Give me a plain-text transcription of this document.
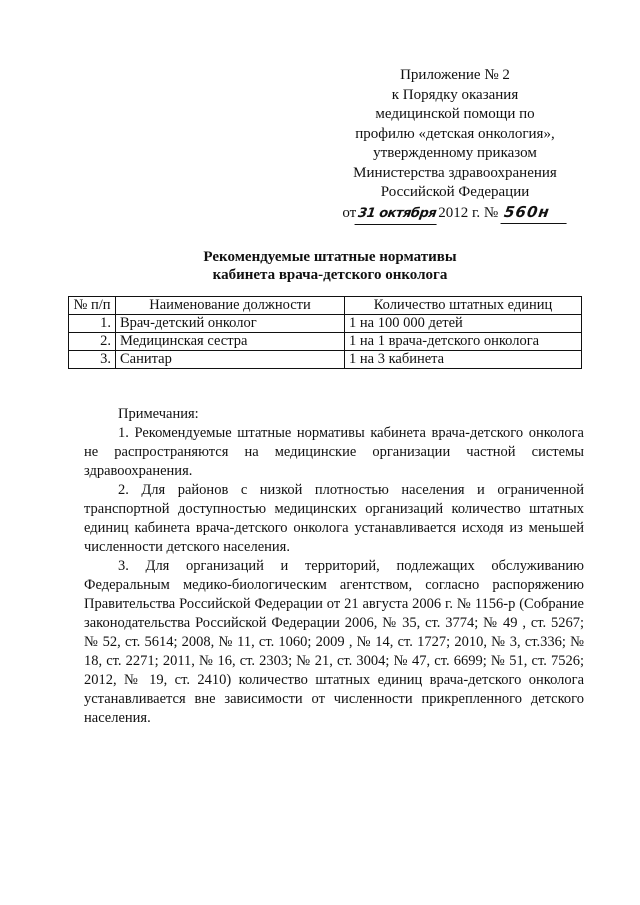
Приложение № 2
к Порядку оказания
медицинской помощи по
профилю «детская онкология»,
утвержденному приказом
Министерства здравоохранения
Российской Федерации
от31 октября2012 г. № 560н
Рекомендуемые штатные нормативы
кабинета врача-детского онколога
№ п/п	Наименование должности	Количество штатных единиц
1.	Врач-детский онколог	1 на 100 000 детей
2.	Медицинская сестра	1 на 1 врача-детского онколога
3.	Санитар	1 на 3 кабинета
Примечания:

1. Рекомендуемые штатные нормативы кабинета врача-детского онколога не распространяются на медицинские организации частной системы здравоохранения.

2. Для районов с низкой плотностью населения и ограниченной транспортной доступностью медицинских организаций количество штатных единиц кабинета врача-детского онколога устанавливается исходя из меньшей численности детского населения.

3. Для организаций и территорий, подлежащих обслуживанию Федеральным медико-биологическим агентством, согласно распоряжению Правительства Российской Федерации от 21 августа 2006 г. № 1156-р (Собрание законодательства Российской Федерации 2006, № 35, ст. 3774; № 49 , ст. 5267; № 52, ст. 5614; 2008, № 11, ст. 1060; 2009 , № 14, ст. 1727; 2010, № 3, ст.336; № 18, ст. 2271; 2011, № 16, ст. 2303; № 21, ст. 3004; № 47, ст. 6699; № 51, ст. 7526; 2012, № 19, ст. 2410) количество штатных единиц врача-детского онколога устанавливается вне зависимости от численности прикрепленного детского населения.
